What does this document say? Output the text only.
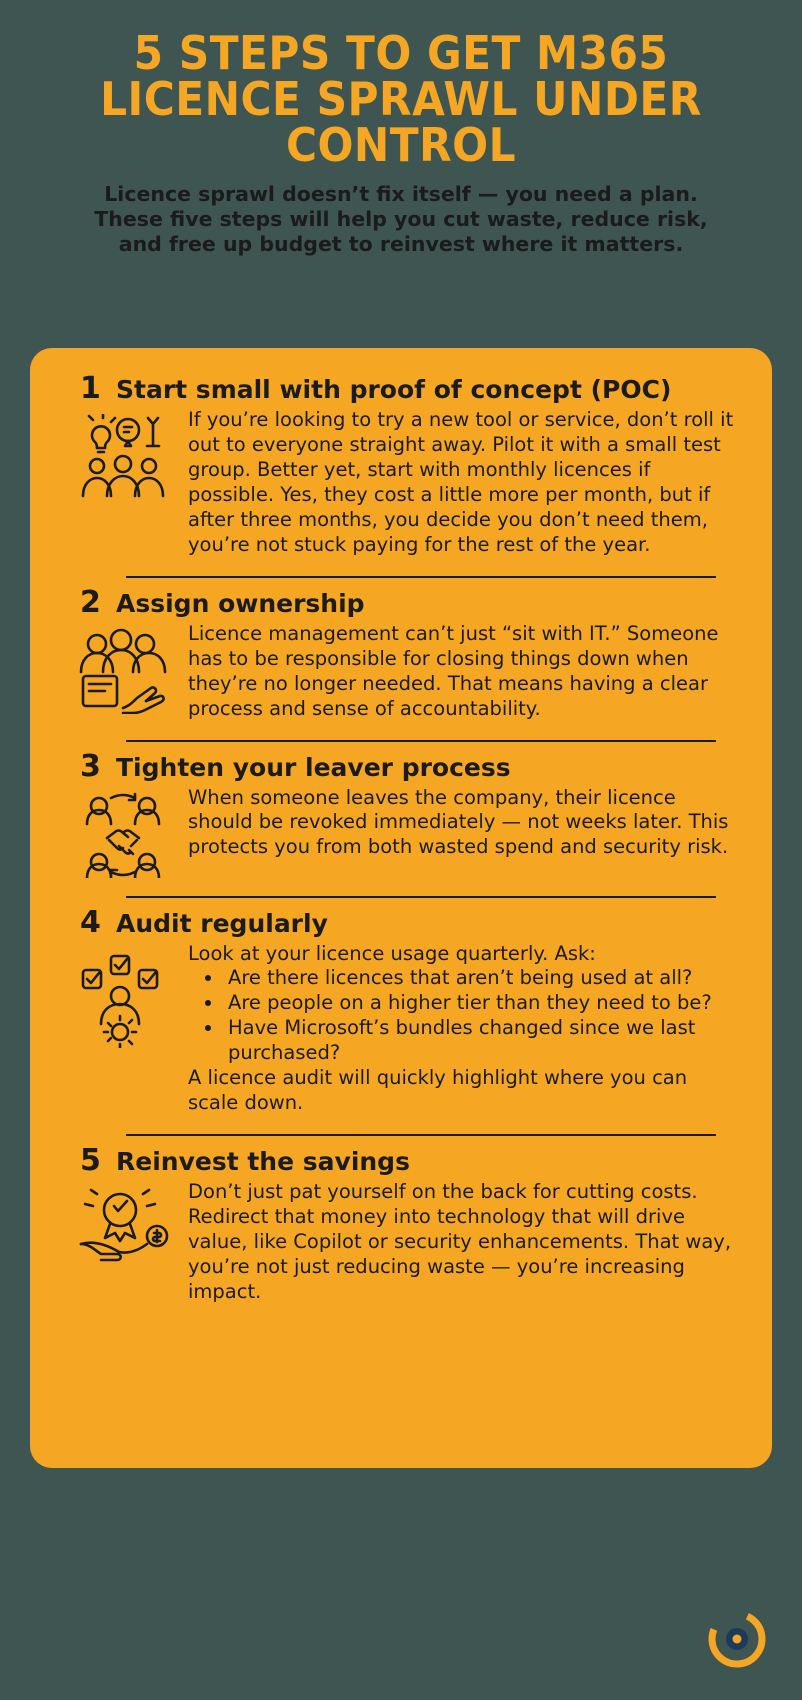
5 STEPS TO GET M365 LICENCE SPRAWL UNDER CONTROL

Licence sprawl doesn’t fix itself — you need a plan. These five steps will help you cut waste, reduce risk, and free up budget to reinvest where it matters.

1 Start small with proof of concept (POC)

If you’re looking to try a new tool or service, don’t roll it out to everyone straight away. Pilot it with a small test group. Better yet, start with monthly licences if possible. Yes, they cost a little more per month, but if after three months, you decide you don’t need them, you’re not stuck paying for the rest of the year.

2 Assign ownership

Licence management can’t just “sit with IT.” Someone has to be responsible for closing things down when they’re no longer needed. That means having a clear process and sense of accountability.

3 Tighten your leaver process

When someone leaves the company, their licence should be revoked immediately — not weeks later. This protects you from both wasted spend and security risk.

4 Audit regularly

Look at your licence usage quarterly. Ask:

• Are there licences that aren’t being used at all?
• Are people on a higher tier than they need to be?
• Have Microsoft’s bundles changed since we last purchased?

A licence audit will quickly highlight where you can scale down.

5 Reinvest the savings

Don’t just pat yourself on the back for cutting costs. Redirect that money into technology that will drive value, like Copilot or security enhancements. That way, you’re not just reducing waste — you’re increasing impact.
